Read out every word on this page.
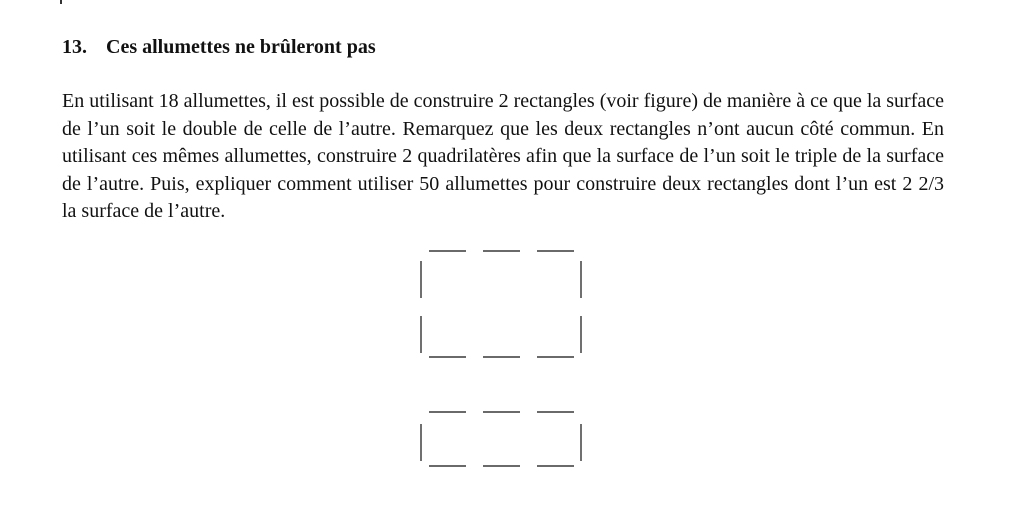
13. Ces allumettes ne brûleront pas

En utilisant 18 allumettes, il est possible de construire 2 rectangles (voir figure) de manière à ce que la surface de l’un soit le double de celle de l’autre. Remarquez que les deux rectangles n’ont aucun côté commun. En utilisant ces mêmes allumettes, construire 2 quadrilatères afin que la surface de l’un soit le triple de la surface de l’autre. Puis, expliquer comment utiliser 50 allumettes pour construire deux rectangles dont l’un est 2 2/3 la surface de l’autre.
